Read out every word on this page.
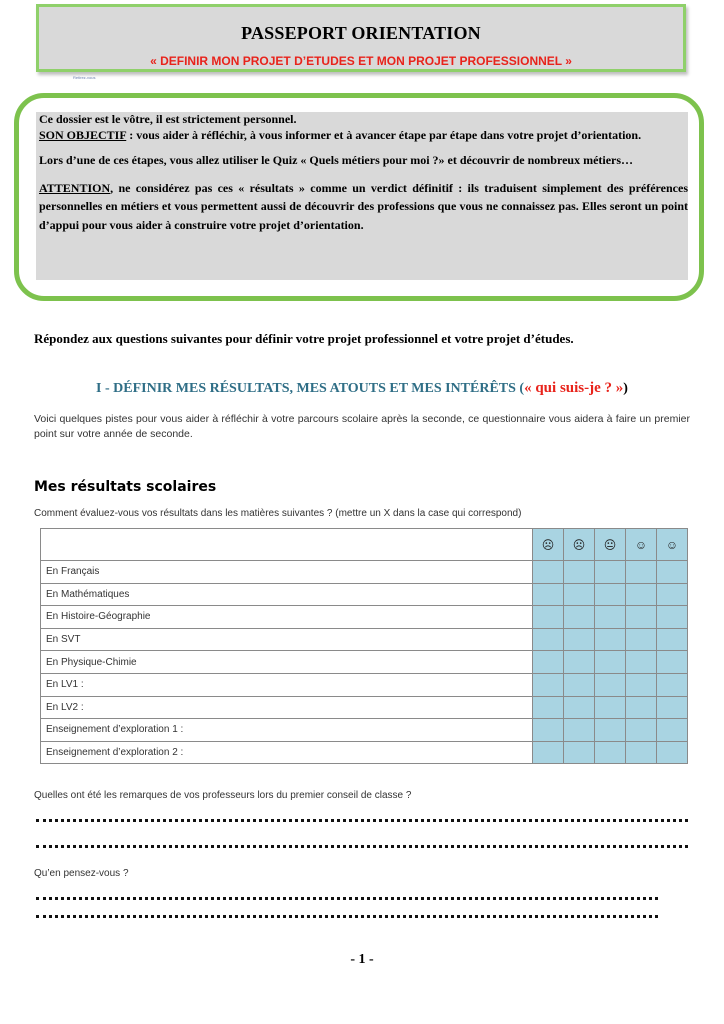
PASSEPORT ORIENTATION
« DEFINIR MON PROJET D’ETUDES ET MON PROJET PROFESSIONNEL »
Retirez-vous

Ce dossier est le vôtre, il est strictement personnel.

SON OBJECTIF : vous aider à réfléchir, à vous informer et à avancer étape par étape dans votre projet d’orientation.

Lors d’une de ces étapes, vous allez utiliser le Quiz « Quels métiers pour moi ?» et découvrir de nombreux métiers…

ATTENTION, ne considérez pas ces « résultats » comme un verdict définitif : ils traduisent simplement des préférences personnelles en métiers et vous permettent aussi de découvrir des professions que vous ne connaissez pas. Elles seront un point d’appui pour vous aider à construire votre projet d’orientation.

Répondez aux questions suivantes pour définir votre projet professionnel et votre projet d’études.
I - DÉFINIR MES RÉSULTATS, MES ATOUTS ET MES INTÉRÊTS (« qui suis-je ? »)
Voici quelques pistes pour vous aider à réfléchir à votre parcours scolaire après la seconde, ce questionnaire vous aidera à faire un premier point sur votre année de seconde.
Mes résultats scolaires
Comment évaluez-vous vos résultats dans les matières suivantes ? (mettre un X dans la case qui correspond)
	☹	☹	😐	☺	☺
En Français					
En Mathématiques					
En Histoire-Géographie					
En SVT					
En Physique-Chimie					
En LV1 :					
En LV2 :					
Enseignement d’exploration 1 :					
Enseignement d’exploration 2 :					
Quelles ont été les remarques de vos professeurs lors du premier conseil de classe ?
Qu’en pensez-vous ?
- 1 -
